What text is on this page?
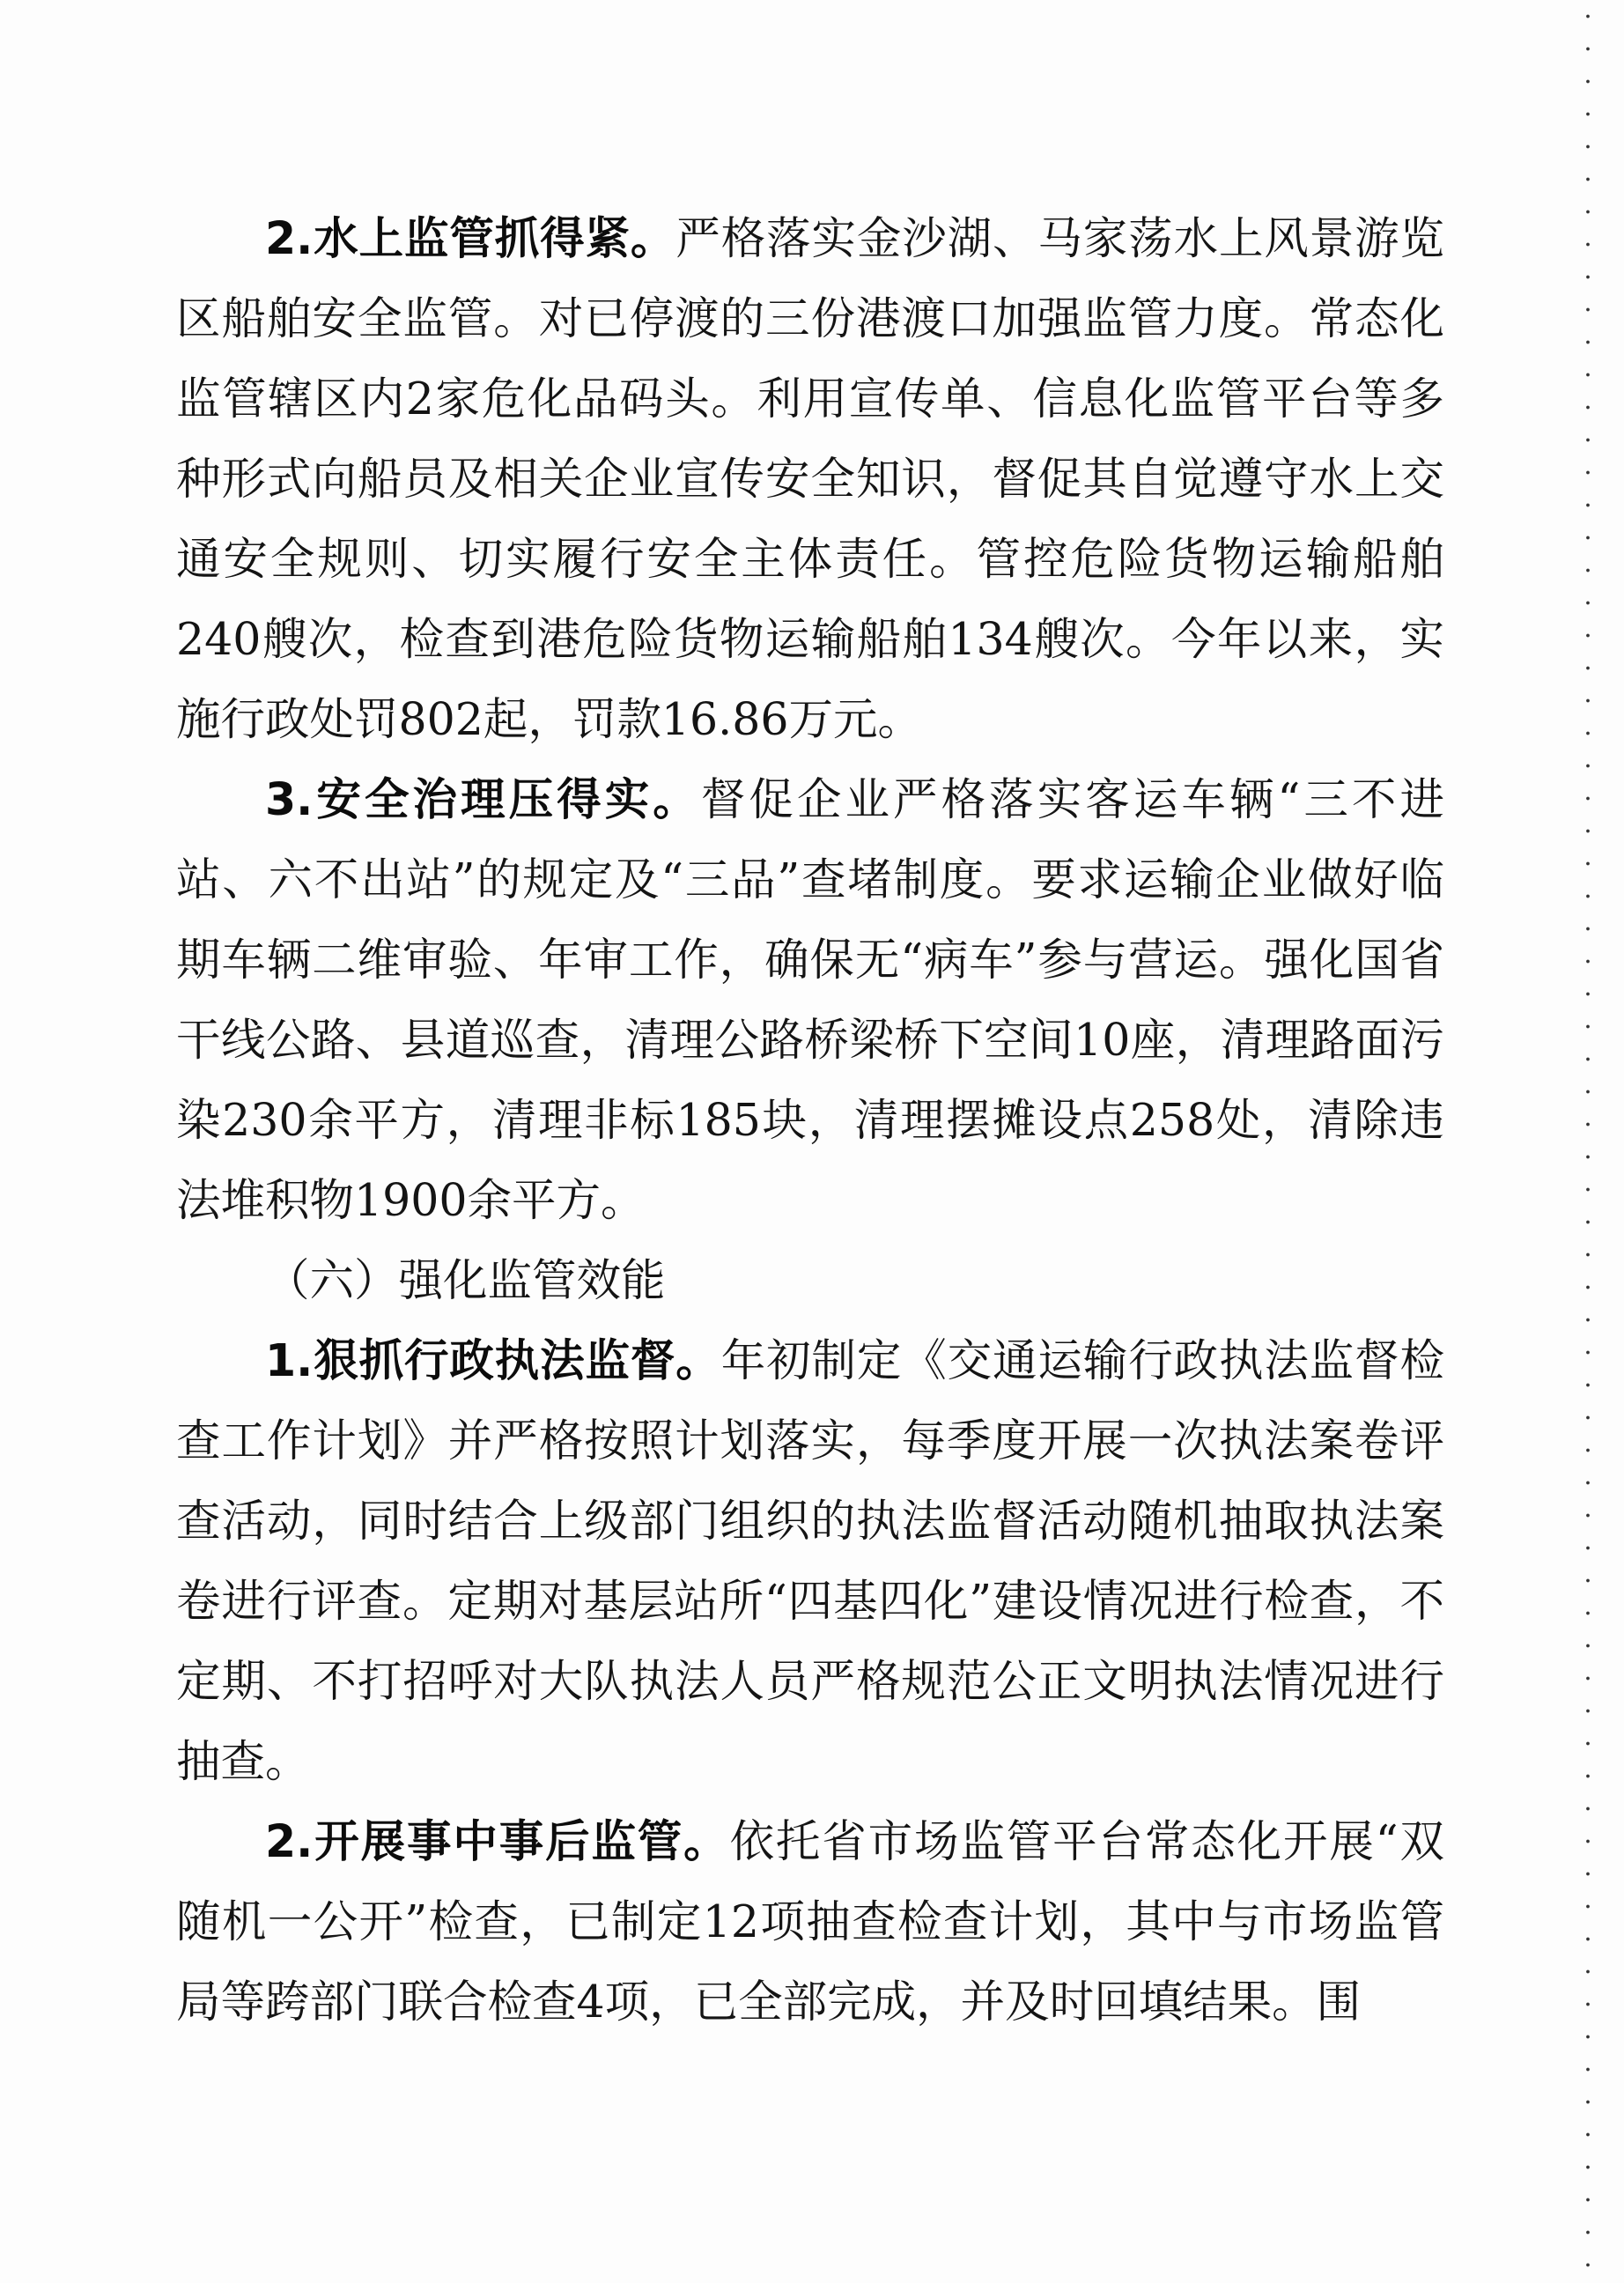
2.水上监管抓得紧。严格落实金沙湖、马家荡水上风景游览区船舶安全监管。对已停渡的三份港渡口加强监管力度。常态化监管辖区内2家危化品码头。利用宣传单、信息化监管平台等多种形式向船员及相关企业宣传安全知识，督促其自觉遵守水上交通安全规则、切实履行安全主体责任。管控危险货物运输船舶240艘次，检查到港危险货物运输船舶134艘次。今年以来，实施行政处罚802起，罚款16.86万元。

3.安全治理压得实。督促企业严格落实客运车辆“三不进站、六不出站”的规定及“三品”查堵制度。要求运输企业做好临期车辆二维审验、年审工作，确保无“病车”参与营运。强化国省干线公路、县道巡查，清理公路桥梁桥下空间10座，清理路面污染230余平方，清理非标185块，清理摆摊设点258处，清除违法堆积物1900余平方。

（六）强化监管效能

1.狠抓行政执法监督。年初制定《交通运输行政执法监督检查工作计划》并严格按照计划落实，每季度开展一次执法案卷评查活动，同时结合上级部门组织的执法监督活动随机抽取执法案卷进行评查。定期对基层站所“四基四化”建设情况进行检查，不定期、不打招呼对大队执法人员严格规范公正文明执法情况进行抽查。

2.开展事中事后监管。依托省市场监管平台常态化开展“双随机一公开”检查，已制定12项抽查检查计划，其中与市场监管局等跨部门联合检查4项，已全部完成，并及时回填结果。围
